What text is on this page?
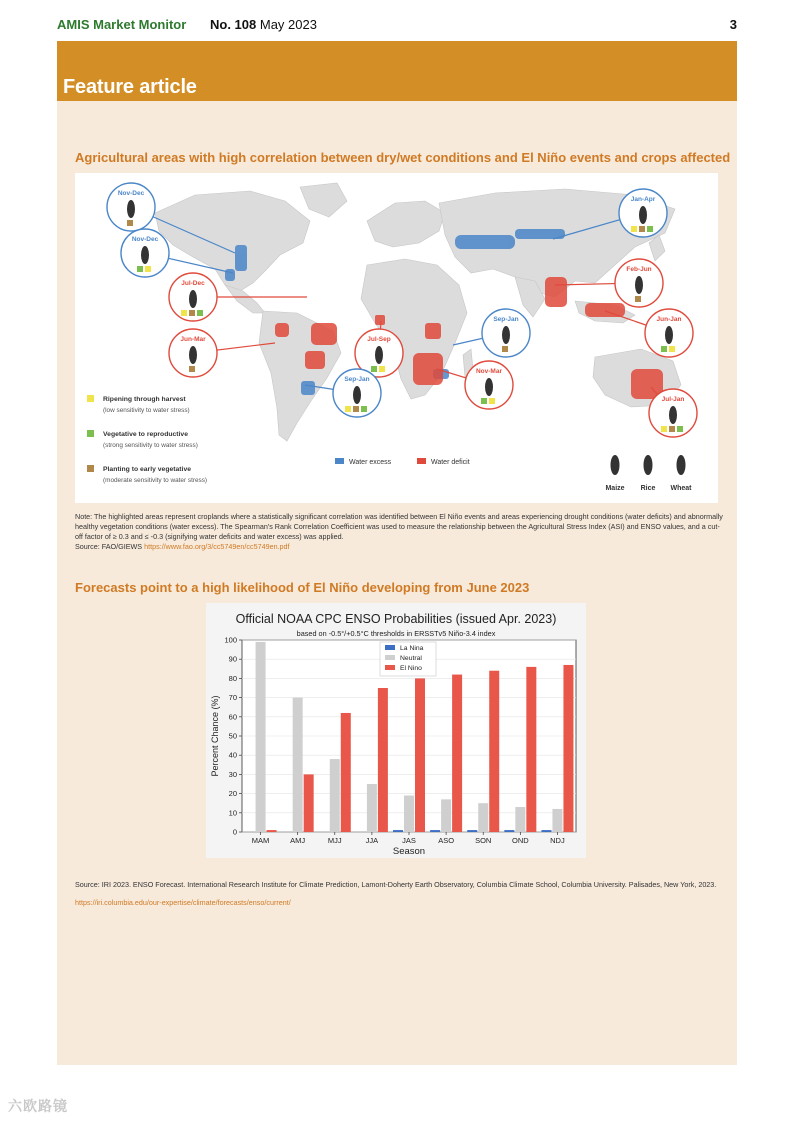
AMIS Market Monitor No. 108 May 2023	3
Feature article
Agricultural areas with high correlation between dry/wet conditions and El Niño events and crops affected
Nov-Dec
Nov-Dec
Jul-Dec
Jun-Mar	Jul-Sep
Sep-Jan
Sep-Jan
Nov-Mar
Jan-Apr
Feb-Jun
Jun-Jan
Jul-Jan
Ripening through harvest
(low sensitivity to water stress)
Vegetative to reproductive
(strong sensitivity to water stress)
Planting to early vegetative
(moderate sensitivity to water stress)
Water excess	Water deficit
Maize Rice Wheat
Note: The highlighted areas represent croplands where a statistically significant correlation was identified between El Niño events and areas experiencing drought conditions (water deficits) and abnormally healthy vegetation conditions (water excess). The Spearman's Rank Correlation Coefficient was used to measure the relationship between the Agricultural Stress Index (ASI) and ENSO values, and a cut-off factor of ≥ 0.3 and ≤ -0.3 (signifying water deficits and water excess) was applied.
Source: FAO/GIEWS https://www.fao.org/3/cc5749en/cc5749en.pdf
Forecasts point to a high likelihood of El Niño developing from June 2023
Official NOAA CPC ENSO Probabilities (issued Apr. 2023)
based on -0.5°/+0.5°C thresholds in ERSSTv5 Niño-3.4 index
0
10
20
30
40
50
60
70
80
90
100
MAM	AMJ	MJJ	JJA	JAS	ASO	SON	OND	NDJ
Season
Percent Chance (%)
La Nina
Neutral
El Nino
Source: IRI 2023. ENSO Forecast. International Research Institute for Climate Prediction, Lamont-Doherty Earth Observatory, Columbia Climate School, Columbia University. Palisades, New York, 2023. https://iri.columbia.edu/our-expertise/climate/forecasts/enso/current/
六欧路镜
